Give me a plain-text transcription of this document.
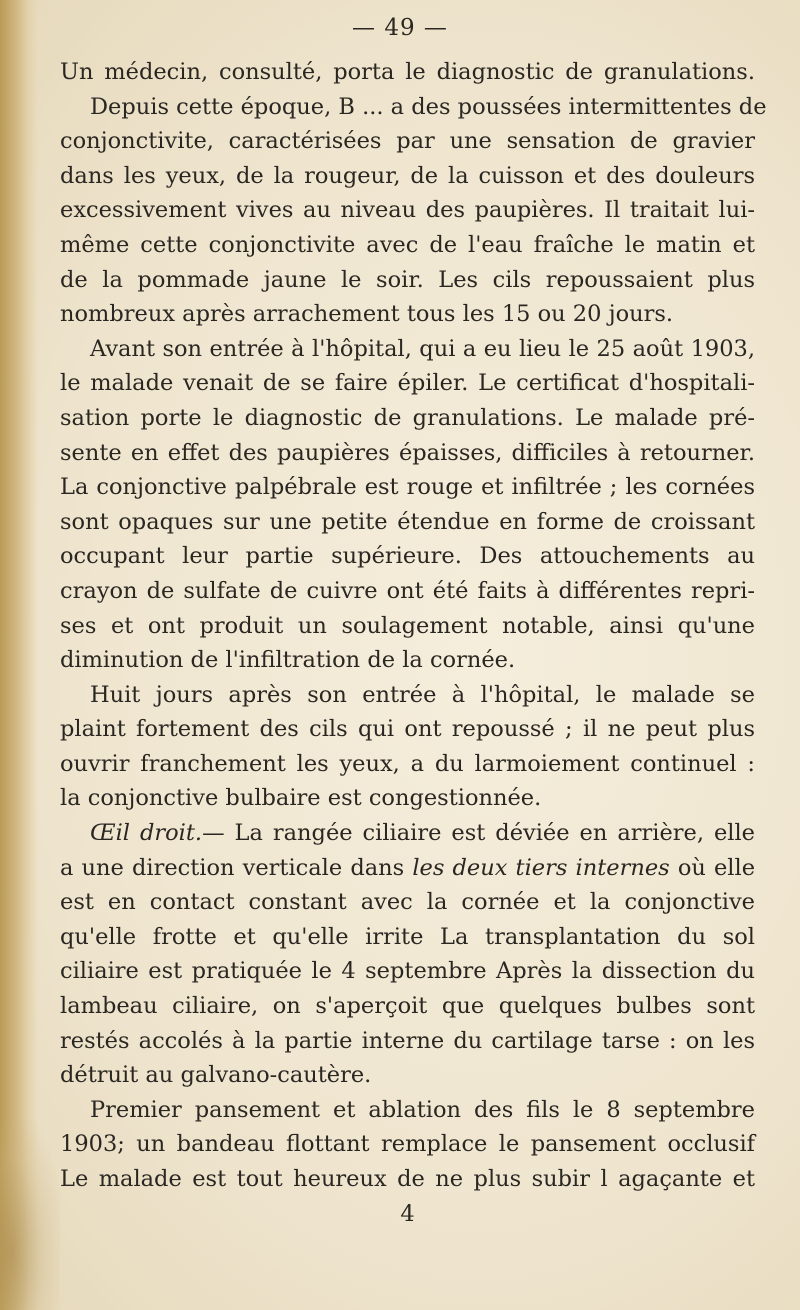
— 49 —
Un médecin, consulté, porta le diagnostic de granulations.
Depuis cette époque, B ... a des poussées intermittentes de
conjonctivite, caractérisées par une sensation de gravier
dans les yeux, de la rougeur, de la cuisson et des douleurs
excessivement vives au niveau des paupières. Il traitait lui-
même cette conjonctivite avec de l'eau fraîche le matin et
de la pommade jaune le soir. Les cils repoussaient plus
nombreux après arrachement tous les 15 ou 20 jours.
Avant son entrée à l'hôpital, qui a eu lieu le 25 août 1903,
le malade venait de se faire épiler. Le certificat d'hospitali-
sation porte le diagnostic de granulations. Le malade pré-
sente en effet des paupières épaisses, difficiles à retourner.
La conjonctive palpébrale est rouge et infiltrée ; les cornées
sont opaques sur une petite étendue en forme de croissant
occupant leur partie supérieure. Des attouchements au
crayon de sulfate de cuivre ont été faits à différentes repri-
ses et ont produit un soulagement notable, ainsi qu'une
diminution de l'infiltration de la cornée.
Huit jours après son entrée à l'hôpital, le malade se
plaint fortement des cils qui ont repoussé ; il ne peut plus
ouvrir franchement les yeux, a du larmoiement continuel :
la conjonctive bulbaire est congestionnée.
Œil droit.— La rangée ciliaire est déviée en arrière, elle
a une direction verticale dans les deux tiers internes où elle
est en contact constant avec la cornée et la conjonctive
qu'elle frotte et qu'elle irrite La transplantation du sol
ciliaire est pratiquée le 4 septembre Après la dissection du
lambeau ciliaire, on s'aperçoit que quelques bulbes sont
restés accolés à la partie interne du cartilage tarse : on les
détruit au galvano-cautère.
Premier pansement et ablation des fils le 8 septembre
1903; un bandeau flottant remplace le pansement occlusif
Le malade est tout heureux de ne plus subir l agaçante et
4
